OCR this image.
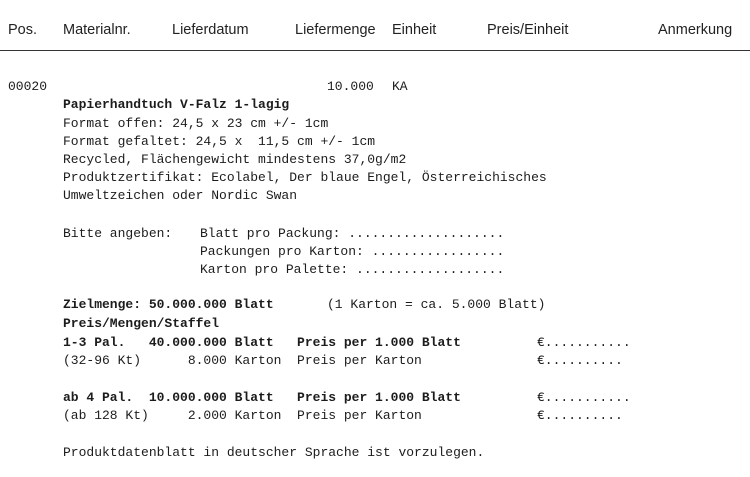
Pos. Materialnr.	Lieferdatum	Liefermenge Einheit	Preis/Einheit	Anmerkung
00020	10.000 KA
Papierhandtuch V-Falz 1-lagig
Format offen: 24,5 x 23 cm +/- 1cm
Format gefaltet: 24,5 x  11,5 cm +/- 1cm
Recycled, Flächengewicht mindestens 37,0g/m2
Produktzertifikat: Ecolabel, Der blaue Engel, Österreichisches
Umweltzeichen oder Nordic Swan
Bitte angeben: Blatt pro Packung: ....................
Packungen pro Karton: .................
Karton pro Palette: ...................
Zielmenge: 50.000.000 Blatt	(1 Karton = ca. 5.000 Blatt)
Preis/Mengen/Staffel
1-3 Pal.   40.000.000 Blatt   Preis per 1.000 Blatt	€...........
(32-96 Kt)      8.000 Karton  Preis per Karton	€..........
ab 4 Pal.  10.000.000 Blatt   Preis per 1.000 Blatt	€...........
(ab 128 Kt)     2.000 Karton  Preis per Karton	€..........
Produktdatenblatt in deutscher Sprache ist vorzulegen.
